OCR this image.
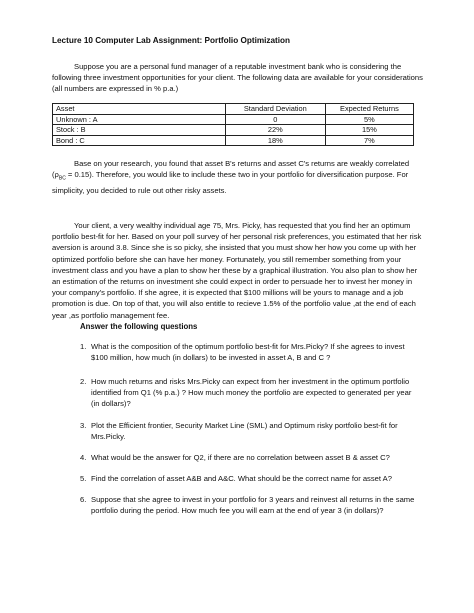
Lecture 10 Computer Lab Assignment: Portfolio Optimization
Suppose you are a personal fund manager of a reputable investment bank who is considering the following three investment opportunities for your client. The following data are available for your considerations (all numbers are expressed in % p.a.)
Asset	Standard Deviation	Expected Returns
Unknown : A	0	5%
Stock : B	22%	15%
Bond : C	18%	7%
Base on your research, you found that asset B's returns and asset C's returns are weakly correlated $(\rho_{BC} = 0.15)$. Therefore, you would like to include these two in your portfolio for diversification purpose. For simplicity, you decided to rule out other risky assets.
Your client, a very wealthy individual age 75, Mrs. Picky, has requested that you find her an optimum portfolio best-fit for her. Based on your poll survey of her personal risk preferences, you estimated that her risk aversion is around 3.8. Since she is so picky, she insisted that you must show her how you come up with her optimized portfolio before she can have her money. Fortunately, you still remember something from your investment class and you have a plan to show her these by a graphical illustration. You also plan to show her an estimation of the returns on investment she could expect in order to persuade her to invest her money in your company's portfolio. If she agree, it is expected that $100 millions will be yours to manage and a job promotion is due. On top of that, you will also entitle to recieve 1.5% of the portfolio value ,at the end of each year ,as portfolio management fee.
Answer the following questions
1. What is the composition of the optimum portfolio best-fit for Mrs.Picky? If she agrees to invest $100 million, how much (in dollars) to be invested in asset A, B and C ?
2. How much returns and risks Mrs.Picky can expect from her investment in the optimum portfolio identified from Q1 (% p.a.) ? How much money the portfolio are expected to generated per year (in dollars)?
3. Plot the Efficient frontier, Security Market Line (SML) and Optimum risky portfolio best-fit for Mrs.Picky.
4. What would be the answer for Q2, if there are no correlation between asset B & asset C?
5. Find the correlation of asset A&B and A&C. What should be the correct name for asset A?
6. Suppose that she agree to invest in your portfolio for 3 years and reinvest all returns in the same portfolio during the period. How much fee you will earn at the end of year 3 (in dollars)?
